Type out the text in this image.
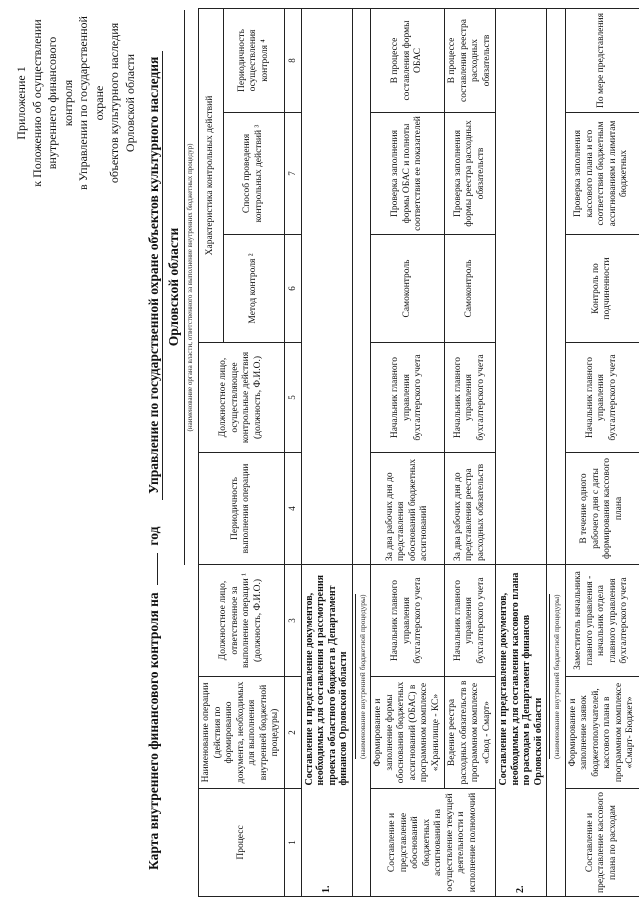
Приложение 1 к Положению об осуществлении внутреннего финансового контроля в Управлении по государственной охране объектов культурного наследия Орловской области
Карта внутреннего финансового контроля на  год  Управление по государственной охране объектов культурного наследия Орловской области (наименование органа власти, ответственного за выполнение внутренних бюджетных процедур)
Процесс	Наименование операции (действия по формированию документа, необходимых для выполнения внутренней бюджетной процедуры)	Должностное лицо, ответственное за выполнение операции ¹ (должность, Ф.И.О.)	Периодичность выполнения операции	Должностное лицо, осуществляющее контрольные действия (должность, Ф.И.О.)	Характеристика контрольных действий		
					Метод контроля ²	Способ проведения контрольных действий ³	Периодичность осуществления контроля ⁴
1	2	3	4	5	6	7	8
1.	Составление и представление документов, необходимых для составления и рассмотрения проекта областного бюджета в Департамент финансов Орловской области						
	(наименование внутренней бюджетной процедуры)						
Составление и представление обоснований бюджетных ассигнований на осуществление текущей деятельности и исполнение полномочий	Формирование и заполнение формы обоснования бюджетных ассигнований (ОБАС) в программном комплексе «Хранилище - КС»	Начальник главного управления бухгалтерского учета	За два рабочих дня до представления обоснований бюджетных ассигнований	Начальник главного управления бухгалтерского учета	Самоконтроль	Проверка заполнения формы ОБАС и полноты соответствия ее показателей	В процессе составления формы ОБАС
	Ведение реестра расходных обязательств в программном комплексе «Свод - Смарт»	Начальник главного управления бухгалтерского учета	За два рабочих дня до представления реестра расходных обязательств	Начальник главного управления бухгалтерского учета	Самоконтроль	Проверка заполнения формы реестра расходных обязательств	В процессе составления реестра расходных обязательств
2.	Составление и представление документов, необходимых для составления кассового плана по расходам в Департамент финансов Орловской области						
	(наименование внутренней бюджетной процедуры)						
Составление и представление кассового плана по расходам	Формирование и заполнение заявок бюджетополучателей, кассового плана в программном комплексе «Смарт- Бюджет»	Заместитель начальника главного управления - начальник отдела главного управления бухгалтерского учета	В течение одного рабочего дня с даты формирования кассового плана	Начальник главного управления бухгалтерского учета	Контроль по подчиненности	Проверка заполнения кассового плана и его соответствия бюджетным ассигнованиям и лимитам бюджетных	По мере представления
